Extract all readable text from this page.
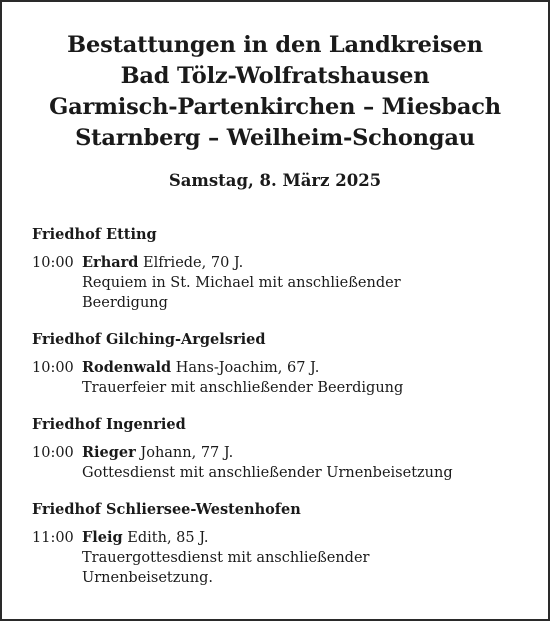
Bestattungen in den Landkreisen
Bad Tölz-Wolfratshausen
Garmisch-Partenkirchen – Miesbach
Starnberg – Weilheim-Schongau
Samstag, 8. März 2025
Friedhof Etting
10:00 Erhard Elfriede, 70 J.
Requiem in St. Michael mit anschließender
Beerdigung
Friedhof Gilching-Argelsried
10:00 Rodenwald Hans-Joachim, 67 J.
Trauerfeier mit anschließender Beerdigung
Friedhof Ingenried
10:00 Rieger Johann, 77 J.
Gottesdienst mit anschließender Urnenbeisetzung
Friedhof Schliersee-Westenhofen
11:00 Fleig Edith, 85 J.
Trauergottesdienst mit anschließender
Urnenbeisetzung.
